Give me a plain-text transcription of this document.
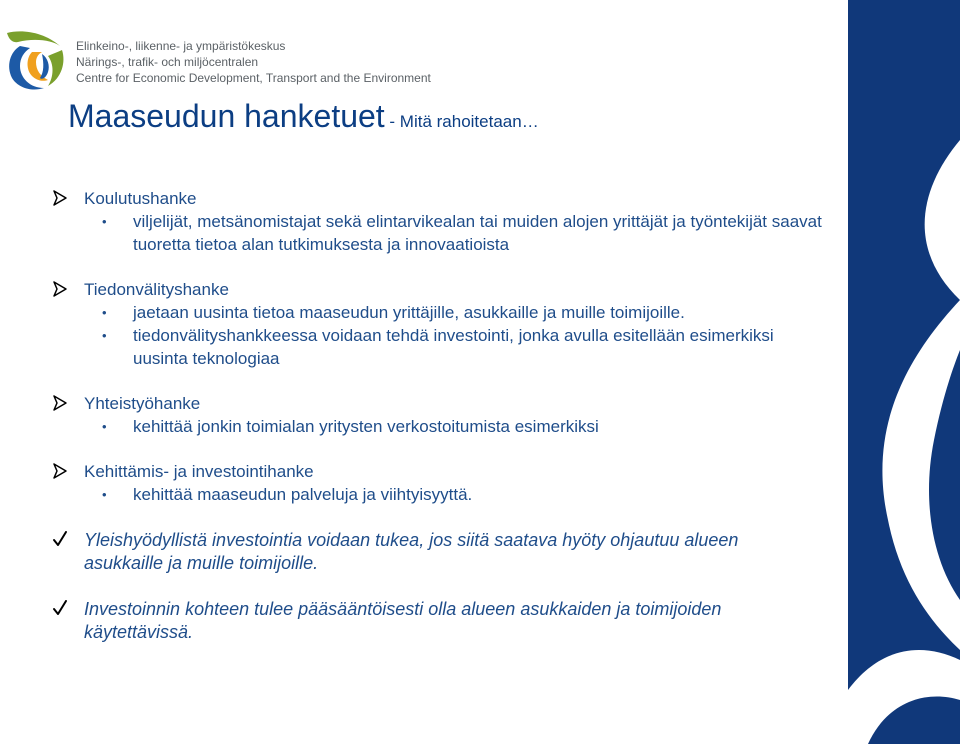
Elinkeino-, liikenne- ja ympäristökeskus
Närings-, trafik- och miljöcentralen
Centre for Economic Development, Transport and the Environment
Maaseudun hanketuet - Mitä rahoitetaan…
Koulutushanke
• viljelijät, metsänomistajat sekä elintarvikealan tai muiden alojen yrittäjät ja työntekijät saavat tuoretta tietoa alan tutkimuksesta ja innovaatioista
Tiedonvälityshanke
• jaetaan uusinta tietoa maaseudun yrittäjille, asukkaille ja muille toimijoille.
• tiedonvälityshankkeessa voidaan tehdä investointi, jonka avulla esitellään esimerkiksi uusinta teknologiaa
Yhteistyöhanke
• kehittää jonkin toimialan yritysten verkostoitumista esimerkiksi
Kehittämis- ja investointihanke
• kehittää maaseudun palveluja ja viihtyisyyttä.
Yleishyödyllistä investointia voidaan tukea, jos siitä saatava hyöty ohjautuu alueen asukkaille ja muille toimijoille.
Investoinnin kohteen tulee pääsääntöisesti olla alueen asukkaiden ja toimijoiden käytettävissä.
